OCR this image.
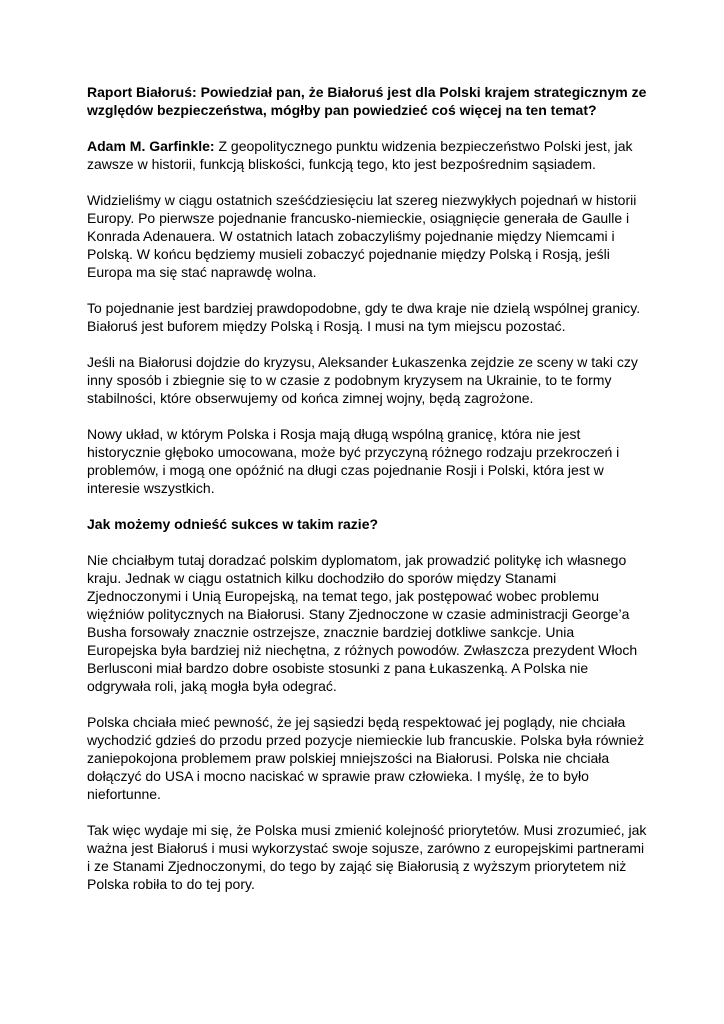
Raport Białoruś: Powiedział pan, że Białoruś jest dla Polski krajem strategicznym ze względów bezpieczeństwa, mógłby pan powiedzieć coś więcej na ten temat?

Adam M. Garfinkle: Z geopolitycznego punktu widzenia bezpieczeństwo Polski jest, jak zawsze w historii, funkcją bliskości, funkcją tego, kto jest bezpośrednim sąsiadem.

Widzieliśmy w ciągu ostatnich sześćdziesięciu lat szereg niezwykłych pojednań w historii Europy. Po pierwsze pojednanie francusko-niemieckie, osiągnięcie generała de Gaulle i Konrada Adenauera. W ostatnich latach zobaczyliśmy pojednanie między Niemcami i Polską. W końcu będziemy musieli zobaczyć pojednanie między Polską i Rosją, jeśli Europa ma się stać naprawdę wolna.

To pojednanie jest bardziej prawdopodobne, gdy te dwa kraje nie dzielą wspólnej granicy. Białoruś jest buforem między Polską i Rosją. I musi na tym miejscu pozostać.

Jeśli na Białorusi dojdzie do kryzysu, Aleksander Łukaszenka zejdzie ze sceny w taki czy inny sposób i zbiegnie się to w czasie z podobnym kryzysem na Ukrainie, to te formy stabilności, które obserwujemy od końca zimnej wojny, będą zagrożone.

Nowy układ, w którym Polska i Rosja mają długą wspólną granicę, która nie jest historycznie głęboko umocowana, może być przyczyną różnego rodzaju przekroczeń i problemów, i mogą one opóźnić na długi czas pojednanie Rosji i Polski, która jest w interesie wszystkich.

Jak możemy odnieść sukces w takim razie?

Nie chciałbym tutaj doradzać polskim dyplomatom, jak prowadzić politykę ich własnego kraju. Jednak w ciągu ostatnich kilku dochodziło do sporów między Stanami Zjednoczonymi i Unią Europejską, na temat tego, jak postępować wobec problemu więźniów politycznych na Białorusi. Stany Zjednoczone w czasie administracji George’a Busha forsowały znacznie ostrzejsze, znacznie bardziej dotkliwe sankcje. Unia Europejska była bardziej niż niechętna, z różnych powodów. Zwłaszcza prezydent Włoch Berlusconi miał bardzo dobre osobiste stosunki z pana Łukaszenką. A Polska nie odgrywała roli, jaką mogła była odegrać.

Polska chciała mieć pewność, że jej sąsiedzi będą respektować jej poglądy, nie chciała wychodzić gdzieś do przodu przed pozycje niemieckie lub francuskie. Polska była również zaniepokojona problemem praw polskiej mniejszości na Białorusi. Polska nie chciała dołączyć do USA i mocno naciskać w sprawie praw człowieka. I myślę, że to było niefortunne.

Tak więc wydaje mi się, że Polska musi zmienić kolejność priorytetów. Musi zrozumieć, jak ważna jest Białoruś i musi wykorzystać swoje sojusze, zarówno z europejskimi partnerami i ze Stanami Zjednoczonymi, do tego by zająć się Białorusią z wyższym priorytetem niż Polska robiła to do tej pory.
